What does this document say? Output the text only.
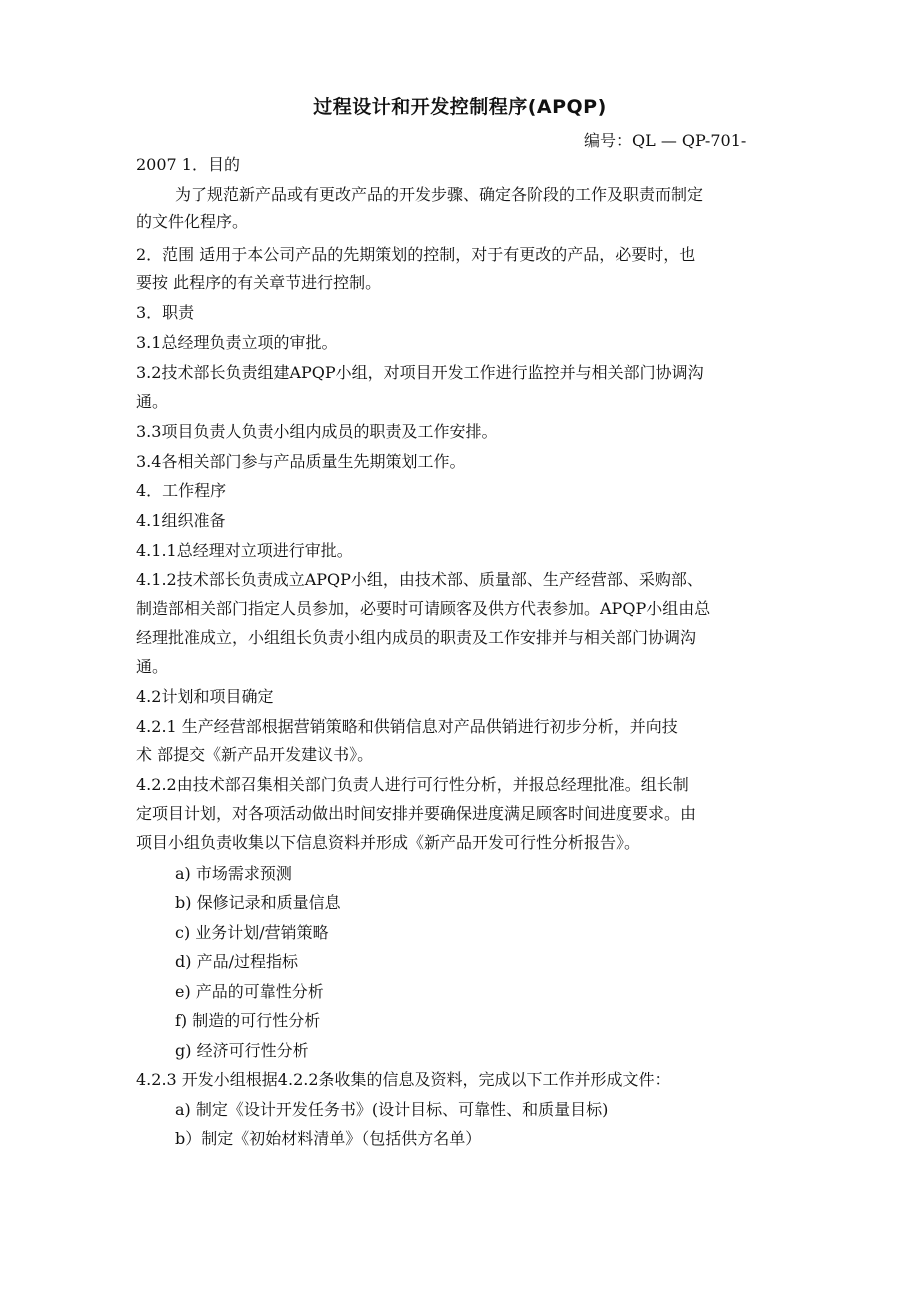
过程设计和开发控制程序(APQP)
编号：QL — QP-701-
2007 1．目的
为了规范新产品或有更改产品的开发步骤、确定各阶段的工作及职责而制定
的文件化程序。
2．范围 适用于本公司产品的先期策划的控制，对于有更改的产品，必要时，也
要按 此程序的有关章节进行控制。
3．职责
3.1总经理负责立项的审批。
3.2技术部长负责组建APQP小组，对项目开发工作进行监控并与相关部门协调沟
通。
3.3项目负责人负责小组内成员的职责及工作安排。
3.4各相关部门参与产品质量生先期策划工作。
4．工作程序
4.1组织准备
4.1.1总经理对立项进行审批。
4.1.2技术部长负责成立APQP小组，由技术部、质量部、生产经营部、采购部、
制造部相关部门指定人员参加，必要时可请顾客及供方代表参加。APQP小组由总
经理批准成立，小组组长负责小组内成员的职责及工作安排并与相关部门协调沟
通。
4.2计划和项目确定
4.2.1 生产经营部根据营销策略和供销信息对产品供销进行初步分析，并向技
术 部提交《新产品开发建议书》。
4.2.2由技术部召集相关部门负责人进行可行性分析，并报总经理批准。组长制
定项目计划，对各项活动做出时间安排并要确保进度满足顾客时间进度要求。由
项目小组负责收集以下信息资料并形成《新产品开发可行性分析报告》。
a) 市场需求预测
b) 保修记录和质量信息
c) 业务计划/营销策略
d) 产品/过程指标
e) 产品的可靠性分析
f) 制造的可行性分析
g) 经济可行性分析
4.2.3 开发小组根据4.2.2条收集的信息及资料，完成以下工作并形成文件：
a) 制定《设计开发任务书》(设计目标、可靠性、和质量目标)
b）制定《初始材料清单》（包括供方名单）
